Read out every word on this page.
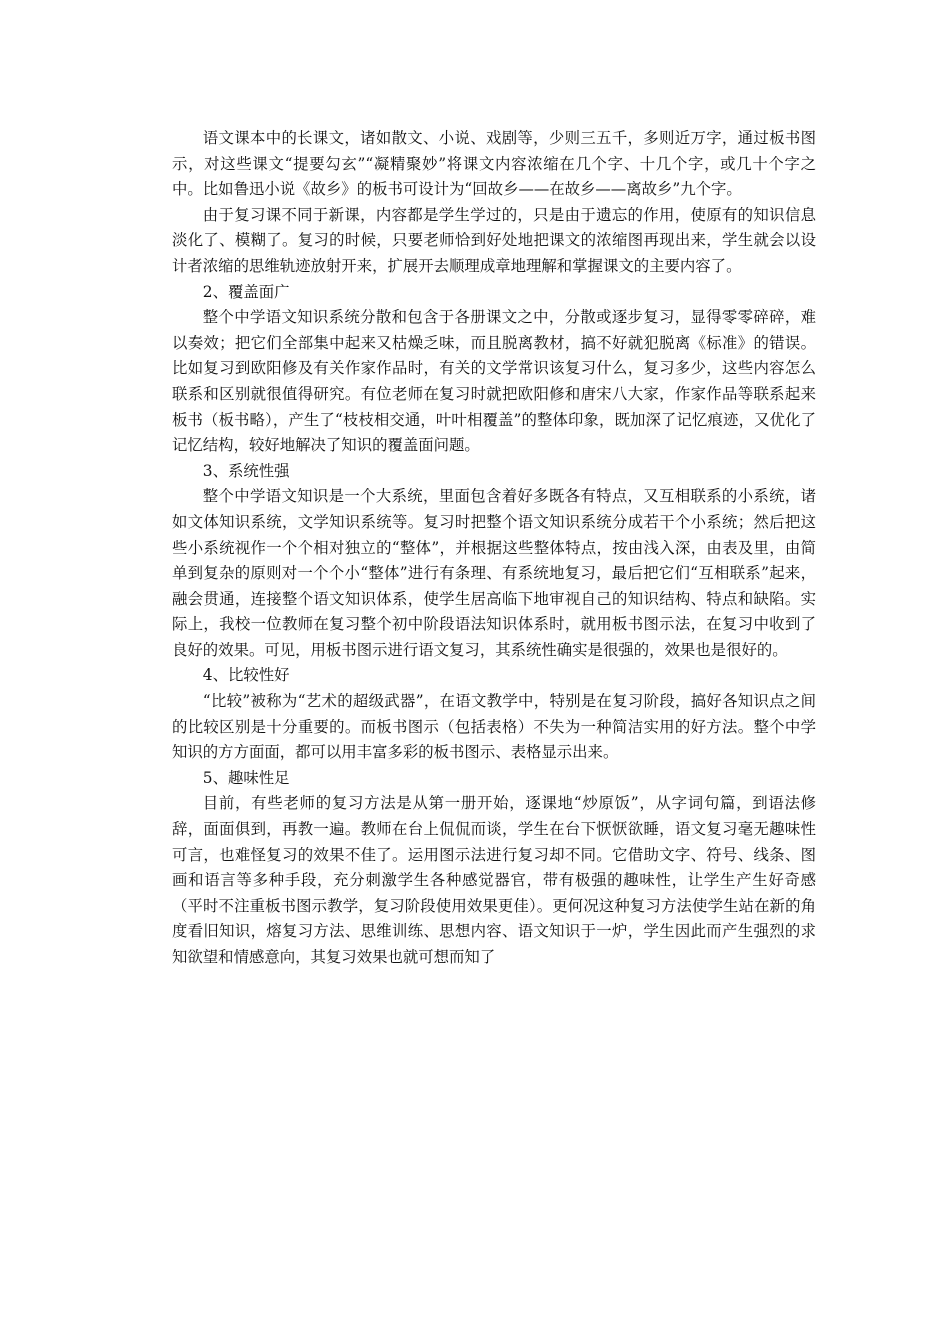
语文课本中的长课文，诸如散文、小说、戏剧等，少则三五千，多则近万字，通过板书图示，对这些课文“提要勾玄”“凝精聚妙”将课文内容浓缩在几个字、十几个字，或几十个字之中。比如鲁迅小说《故乡》的板书可设计为“回故乡——在故乡——离故乡”九个字。

由于复习课不同于新课，内容都是学生学过的，只是由于遗忘的作用，使原有的知识信息淡化了、模糊了。复习的时候，只要老师恰到好处地把课文的浓缩图再现出来，学生就会以设计者浓缩的思维轨迹放射开来，扩展开去顺理成章地理解和掌握课文的主要内容了。

2、覆盖面广

整个中学语文知识系统分散和包含于各册课文之中，分散或逐步复习，显得零零碎碎，难以奏效；把它们全部集中起来又枯燥乏味，而且脱离教材，搞不好就犯脱离《标准》的错误。比如复习到欧阳修及有关作家作品时，有关的文学常识该复习什么，复习多少，这些内容怎么联系和区别就很值得研究。有位老师在复习时就把欧阳修和唐宋八大家，作家作品等联系起来板书（板书略），产生了“枝枝相交通，叶叶相覆盖”的整体印象，既加深了记忆痕迹，又优化了记忆结构，较好地解决了知识的覆盖面问题。

3、系统性强

整个中学语文知识是一个大系统，里面包含着好多既各有特点，又互相联系的小系统，诸如文体知识系统，文学知识系统等。复习时把整个语文知识系统分成若干个小系统；然后把这些小系统视作一个个相对独立的“整体”，并根据这些整体特点，按由浅入深，由表及里，由简单到复杂的原则对一个个小“整体”进行有条理、有系统地复习，最后把它们“互相联系”起来，融会贯通，连接整个语文知识体系，使学生居高临下地审视自己的知识结构、特点和缺陷。实际上，我校一位教师在复习整个初中阶段语法知识体系时，就用板书图示法，在复习中收到了良好的效果。可见，用板书图示进行语文复习，其系统性确实是很强的，效果也是很好的。

4、比较性好

“比较”被称为“艺术的超级武器”，在语文教学中，特别是在复习阶段，搞好各知识点之间的比较区别是十分重要的。而板书图示（包括表格）不失为一种简洁实用的好方法。整个中学知识的方方面面，都可以用丰富多彩的板书图示、表格显示出来。

5、趣味性足

目前，有些老师的复习方法是从第一册开始，逐课地“炒原饭”，从字词句篇，到语法修辞，面面俱到，再教一遍。教师在台上侃侃而谈，学生在台下恹恹欲睡，语文复习毫无趣味性可言，也难怪复习的效果不佳了。运用图示法进行复习却不同。它借助文字、符号、线条、图画和语言等多种手段，充分刺激学生各种感觉器官，带有极强的趣味性，让学生产生好奇感（平时不注重板书图示教学，复习阶段使用效果更佳）。更何况这种复习方法使学生站在新的角度看旧知识，熔复习方法、思维训练、思想内容、语文知识于一炉，学生因此而产生强烈的求知欲望和情感意向，其复习效果也就可想而知了
